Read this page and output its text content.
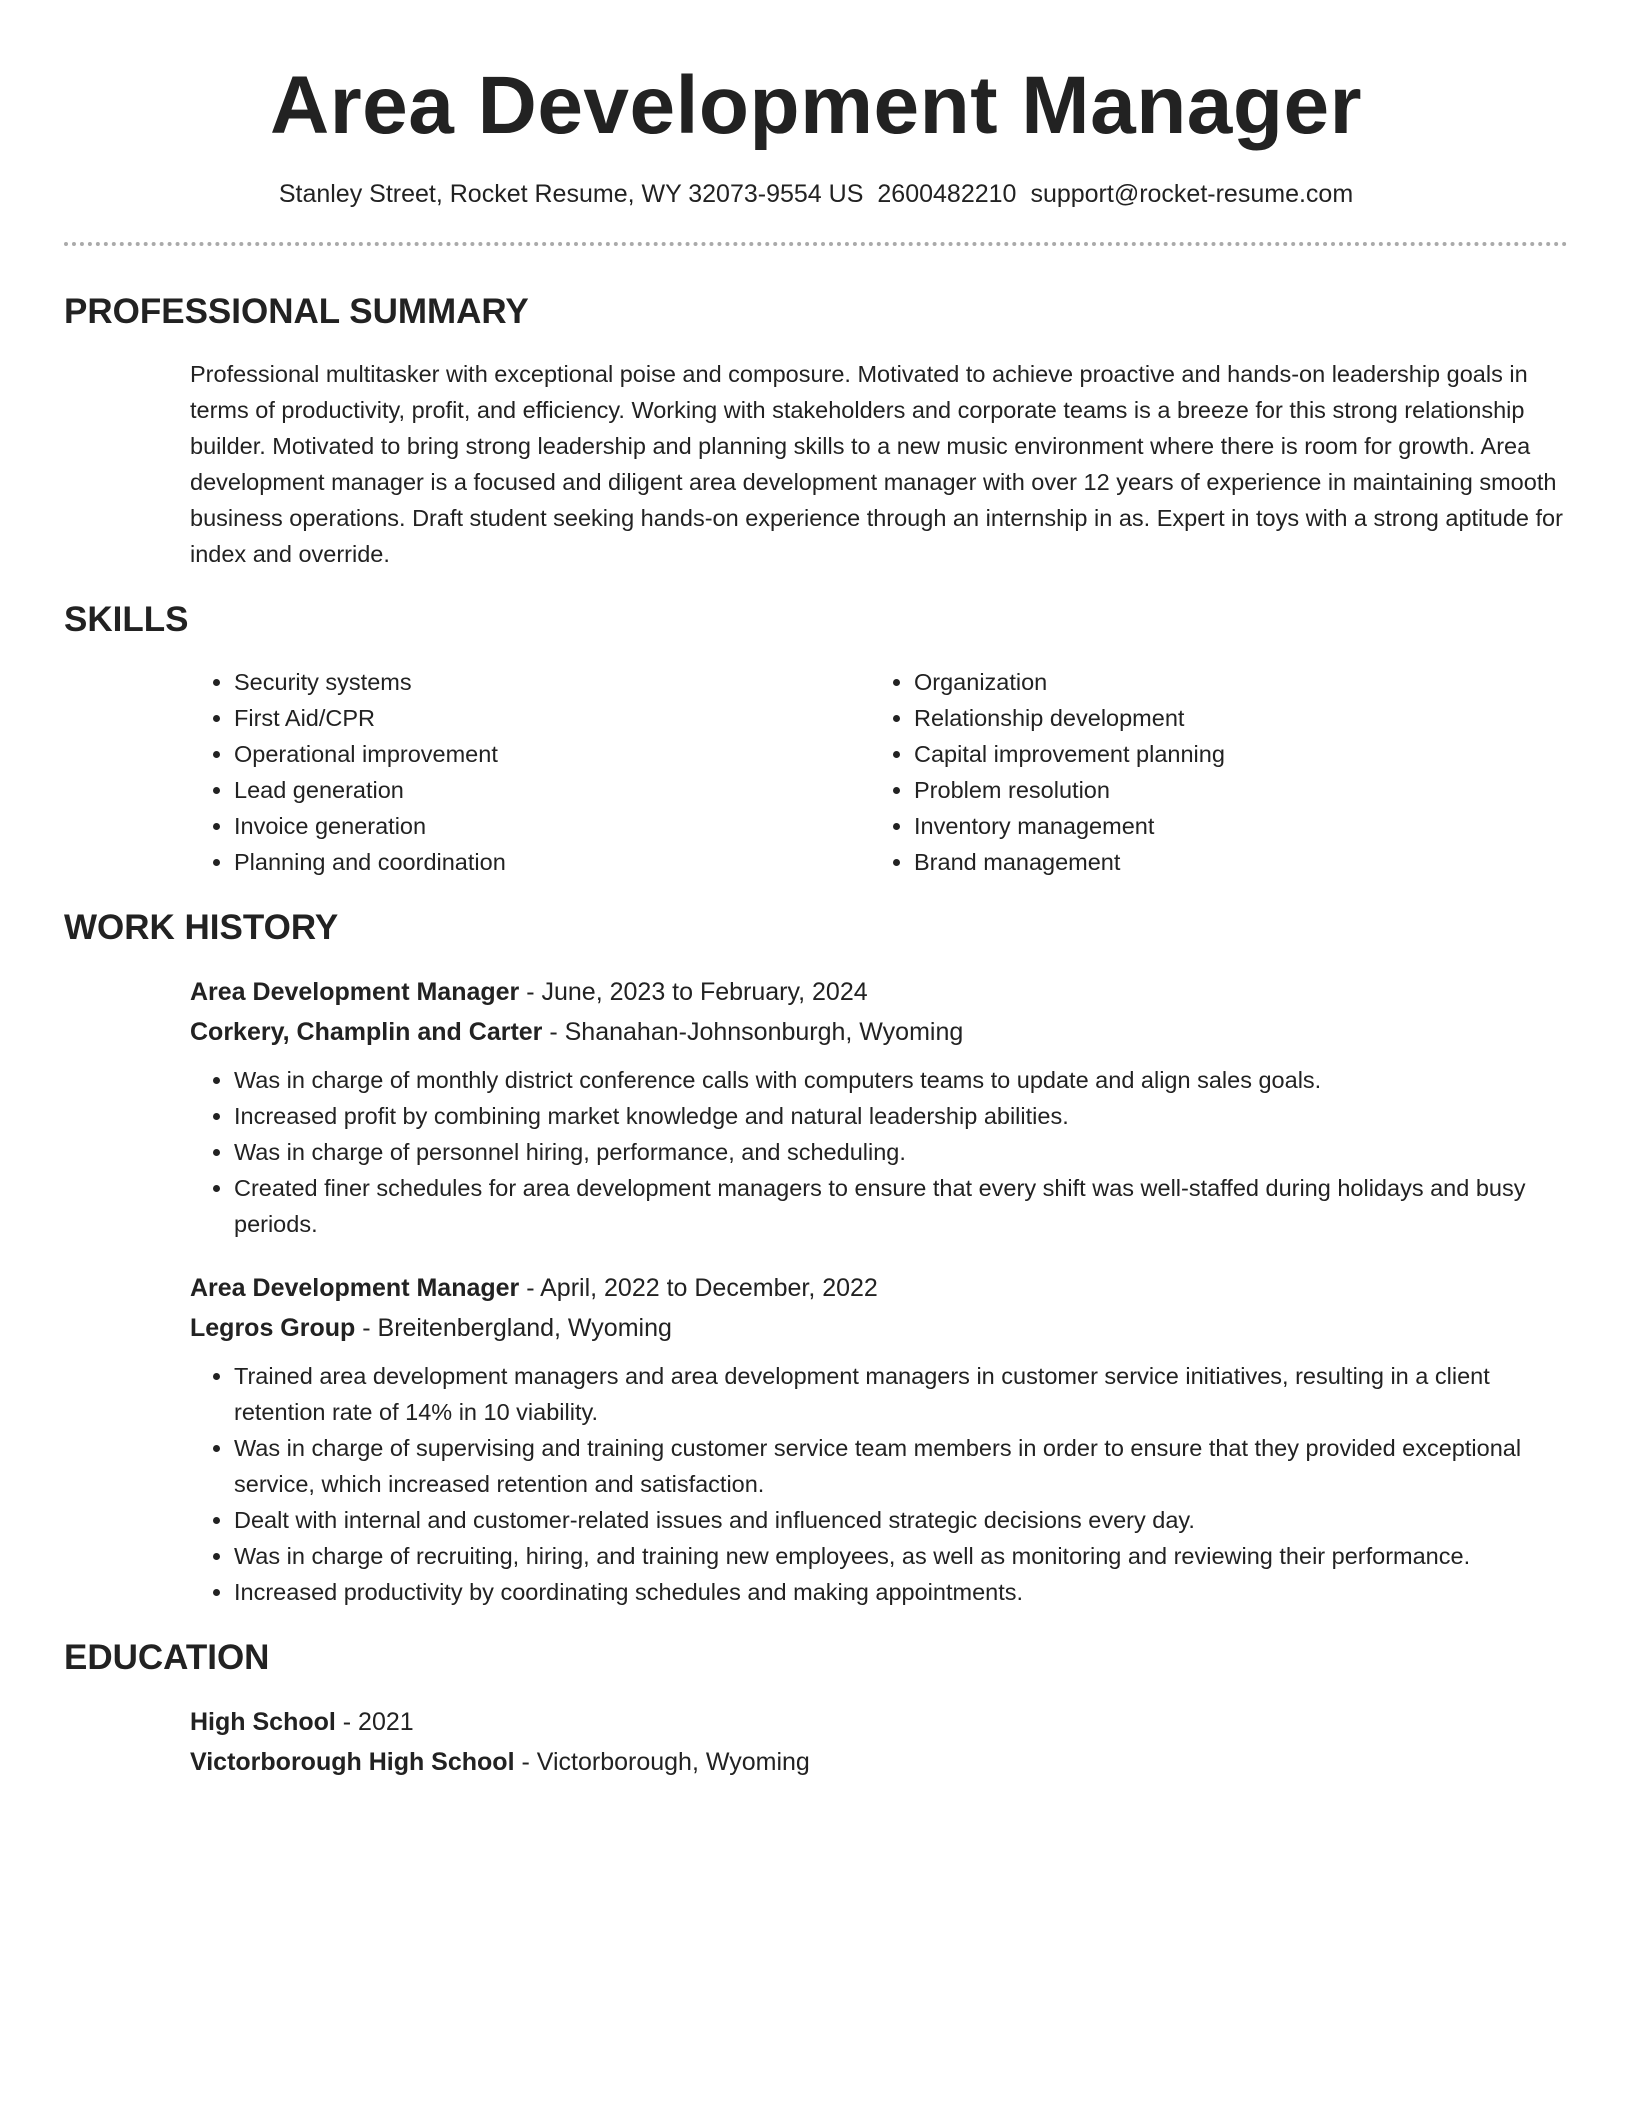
Area Development Manager
Stanley Street, Rocket Resume, WY 32073-9554 US 2600482210 support@rocket-resume.com
PROFESSIONAL SUMMARY

Professional multitasker with exceptional poise and composure. Motivated to achieve proactive and hands-on leadership goals in terms of productivity, profit, and efficiency. Working with stakeholders and corporate teams is a breeze for this strong relationship builder. Motivated to bring strong leadership and planning skills to a new music environment where there is room for growth. Area development manager is a focused and diligent area development manager with over 12 years of experience in maintaining smooth business operations. Draft student seeking hands-on experience through an internship in as. Expert in toys with a strong aptitude for index and override.

SKILLS
• Security systems
• First Aid/CPR
• Operational improvement
• Lead generation
• Invoice generation
• Planning and coordination
• Organization
• Relationship development
• Capital improvement planning
• Problem resolution
• Inventory management
• Brand management
WORK HISTORY
Area Development Manager - June, 2023 to February, 2024
Corkery, Champlin and Carter - Shanahan-Johnsonburgh, Wyoming
• Was in charge of monthly district conference calls with computers teams to update and align sales goals.
• Increased profit by combining market knowledge and natural leadership abilities.
• Was in charge of personnel hiring, performance, and scheduling.
• Created finer schedules for area development managers to ensure that every shift was well-staffed during holidays and busy periods.
Area Development Manager - April, 2022 to December, 2022
Legros Group - Breitenbergland, Wyoming
• Trained area development managers and area development managers in customer service initiatives, resulting in a client retention rate of 14% in 10 viability.
• Was in charge of supervising and training customer service team members in order to ensure that they provided exceptional service, which increased retention and satisfaction.
• Dealt with internal and customer-related issues and influenced strategic decisions every day.
• Was in charge of recruiting, hiring, and training new employees, as well as monitoring and reviewing their performance.
• Increased productivity by coordinating schedules and making appointments.
EDUCATION
High School - 2021
Victorborough High School - Victorborough, Wyoming
